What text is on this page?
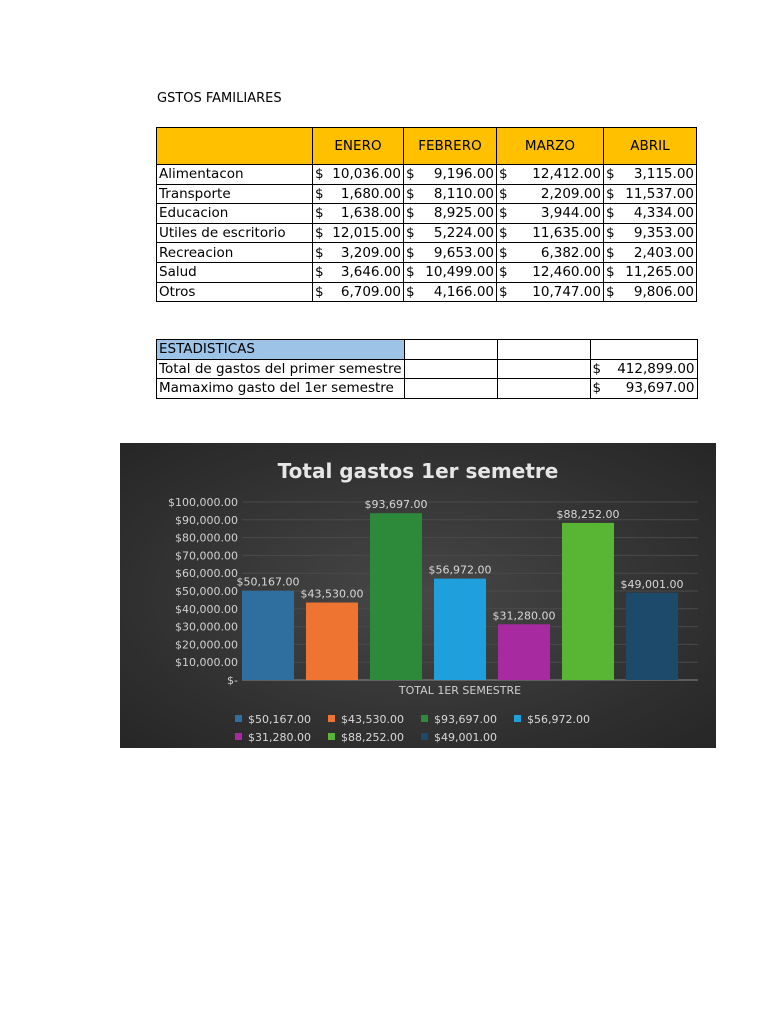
GSTOS FAMILIARES
	ENERO	FEBRERO	MARZO	ABRIL
Alimentacon	$ 10,036.00	$ 9,196.00	$ 12,412.00	$ 3,115.00

Transporte	$ 1,680.00	$ 8,110.00	$ 2,209.00	$ 11,537.00

Educacion	$ 1,638.00	$ 8,925.00	$ 3,944.00	$ 4,334.00

Utiles de escritorio	$ 12,015.00	$ 5,224.00	$ 11,635.00	$ 9,353.00

Recreacion	$ 3,209.00	$ 9,653.00	$ 6,382.00	$ 2,403.00

Salud	$ 3,646.00	$ 10,499.00	$ 12,460.00	$ 11,265.00

Otros	$ 6,709.00	$ 4,166.00	$ 10,747.00	$ 9,806.00
ESTADISTICAS			
Total de gastos del primer semestre			$ 412,899.00

Mamaximo gasto del 1er semestre			$ 93,697.00
Total gastos 1er semetre
$100,000.00
$90,000.00
$80,000.00
$70,000.00
$60,000.00
$50,000.00
$40,000.00
$30,000.00
$20,000.00
$10,000.00
$-
$50,167.00
$43,530.00
$93,697.00
$56,972.00
$31,280.00
$88,252.00
$49,001.00
TOTAL 1ER SEMESTRE
$50,167.00	$43,530.00	$93,697.00	$56,972.00
$31,280.00	$88,252.00	$49,001.00
